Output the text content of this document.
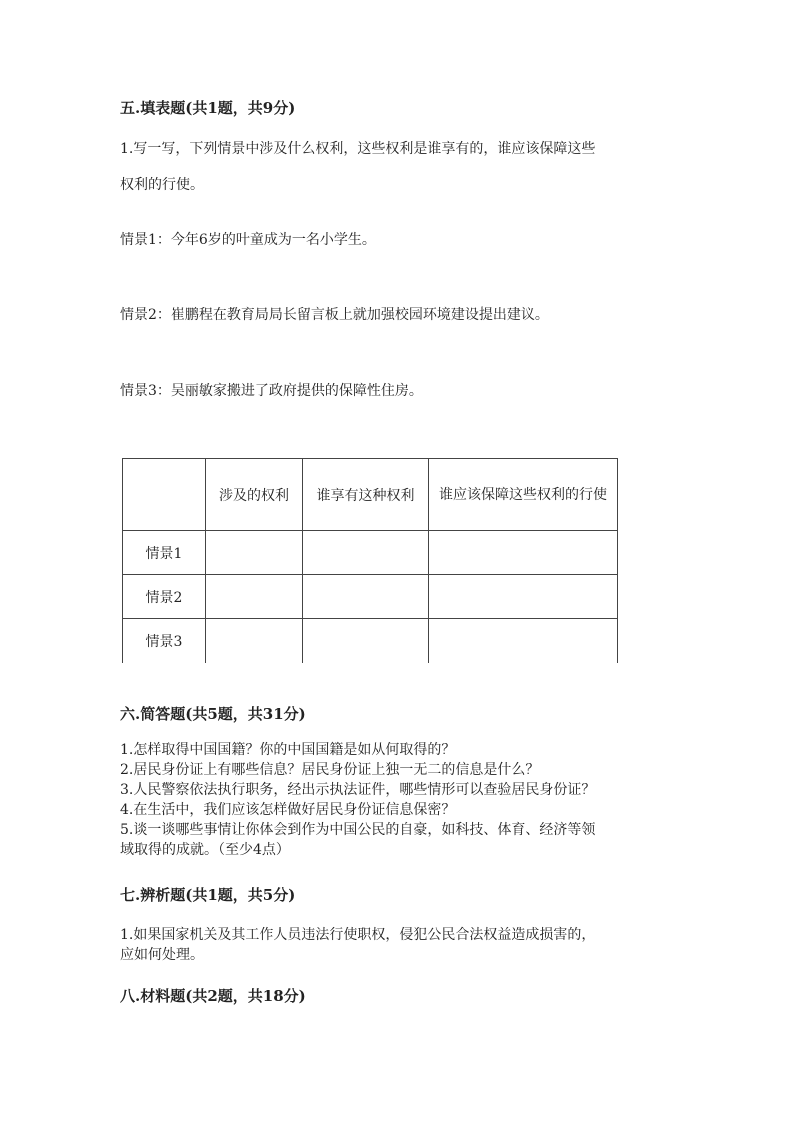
五.填表题(共1题，共9分)
1.写一写，下列情景中涉及什么权利，这些权利是谁享有的，谁应该保障这些
权利的行使。
情景1：今年6岁的叶童成为一名小学生。
情景2：崔鹏程在教育局局长留言板上就加强校园环境建设提出建议。
情景3：吴丽敏家搬进了政府提供的保障性住房。
	涉及的权利	谁享有这种权利	谁应该保障这些权利的行使

情景1			
情景2			
情景3			
六.简答题(共5题，共31分)
1.怎样取得中国国籍？你的中国国籍是如从何取得的？
2.居民身份证上有哪些信息？居民身份证上独一无二的信息是什么？
3.人民警察依法执行职务，经出示执法证件，哪些情形可以查验居民身份证？
4.在生活中，我们应该怎样做好居民身份证信息保密？
5.谈一谈哪些事情让你体会到作为中国公民的自豪，如科技、体育、经济等领
域取得的成就。（至少4点）
七.辨析题(共1题，共5分)
1.如果国家机关及其工作人员违法行使职权，侵犯公民合法权益造成损害的，
应如何处理。
八.材料题(共2题，共18分)
